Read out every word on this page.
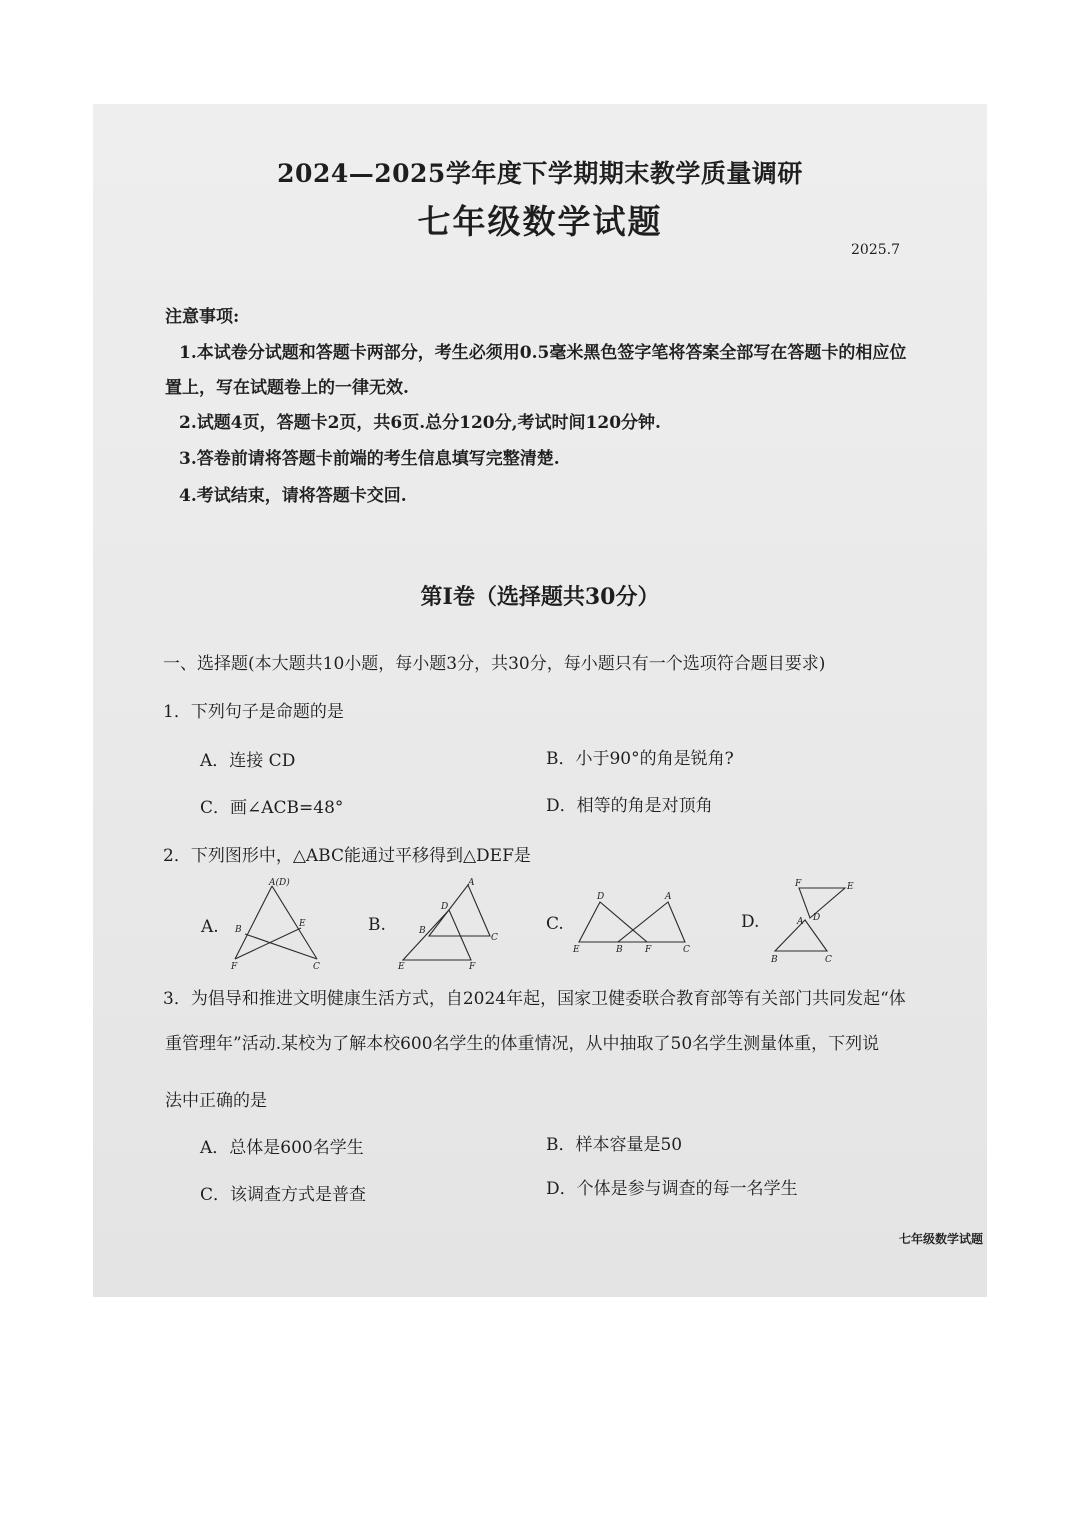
2024—2025学年度下学期期末教学质量调研
七年级数学试题
2025.7
注意事项:
1.本试卷分试题和答题卡两部分，考生必须用0.5毫米黑色签字笔将答案全部写在答题卡的相应位
置上，写在试题卷上的一律无效.
2.试题4页，答题卡2页，共6页.总分120分,考试时间120分钟.
3.答卷前请将答题卡前端的考生信息填写完整清楚.
4.考试结束，请将答题卡交回.
第Ⅰ卷（选择题共30分）
一、选择题(本大题共10小题，每小题3分，共30分，每小题只有一个选项符合题目要求)
1．下列句子是命题的是
A．连接 CD	B．小于90°的角是锐角?
C．画∠ACB=48°	D．相等的角是对顶角
2．下列图形中，△ABC能通过平移得到△DEF是
A.
A(D)
B
E
F	C
B.
A
D
B
C
E	F
C.
D	A
E	B F	C
D.
F	E
A D
B	C
3．为倡导和推进文明健康生活方式，自2024年起，国家卫健委联合教育部等有关部门共同发起“体
重管理年”活动.某校为了解本校600名学生的体重情况，从中抽取了50名学生测量体重，下列说
法中正确的是
A．总体是600名学生	B．样本容量是50
C．该调查方式是普查	D．个体是参与调查的每一名学生
七年级数学试题
